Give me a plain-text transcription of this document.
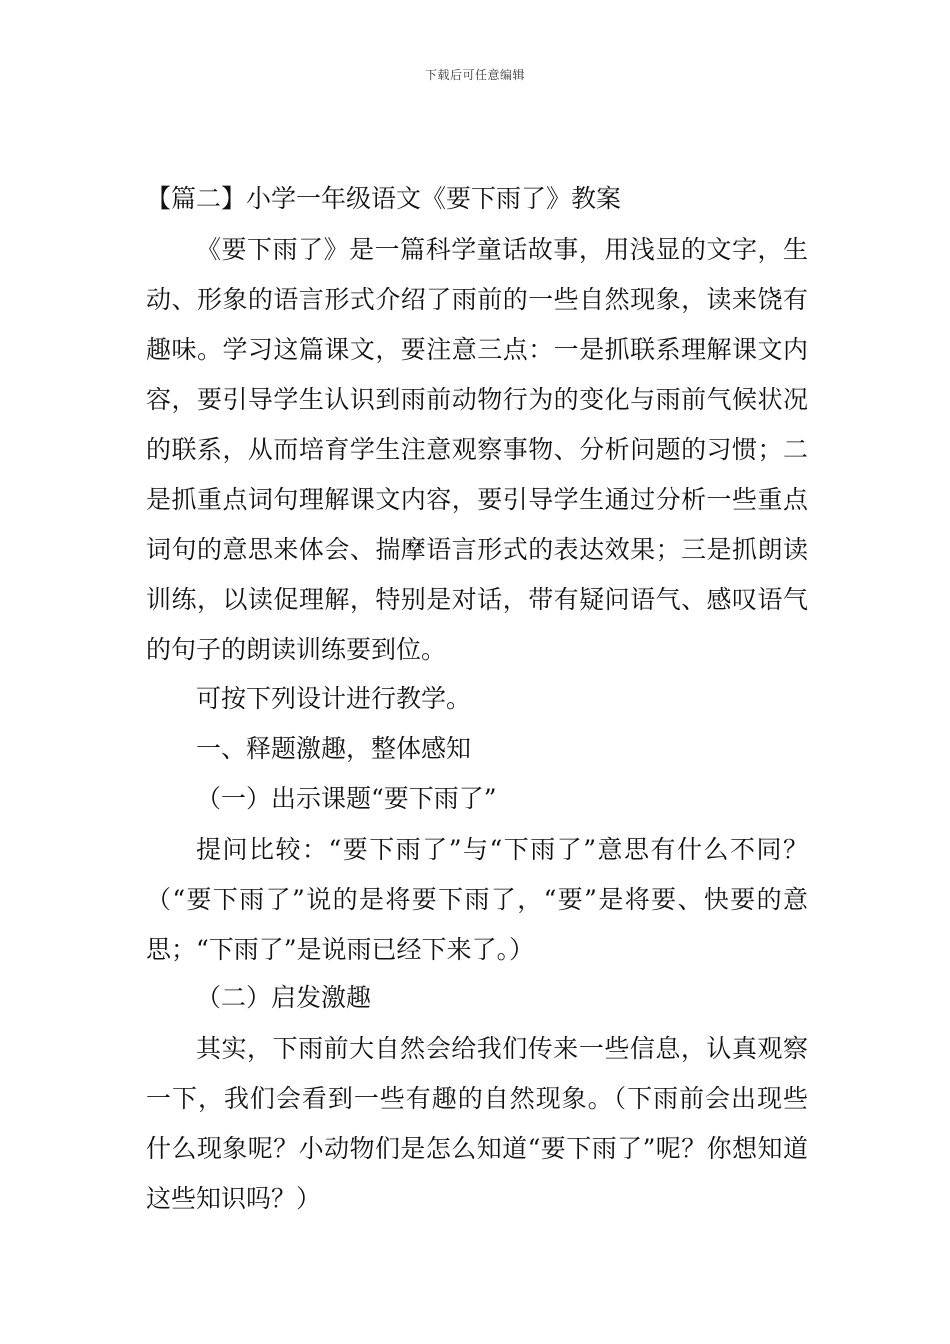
下载后可任意编辑
【篇二】小学一年级语文《要下雨了》教案
《要下雨了》是一篇科学童话故事，用浅显的文字，生动、形象的语言形式介绍了雨前的一些自然现象，读来饶有趣味。学习这篇课文，要注意三点：一是抓联系理解课文内容，要引导学生认识到雨前动物行为的变化与雨前气候状况的联系，从而培育学生注意观察事物、分析问题的习惯；二是抓重点词句理解课文内容，要引导学生通过分析一些重点词句的意思来体会、揣摩语言形式的表达效果；三是抓朗读训练，以读促理解，特别是对话，带有疑问语气、感叹语气的句子的朗读训练要到位。
可按下列设计进行教学。
一、释题激趣，整体感知
（一）出示课题“要下雨了”
提问比较：“要下雨了”与“下雨了”意思有什么不同？（“要下雨了”说的是将要下雨了，“要”是将要、快要的意思；“下雨了”是说雨已经下来了。）
（二）启发激趣
其实，下雨前大自然会给我们传来一些信息，认真观察一下，我们会看到一些有趣的自然现象。（下雨前会出现些什么现象呢？小动物们是怎么知道“要下雨了”呢？你想知道这些知识吗？）
